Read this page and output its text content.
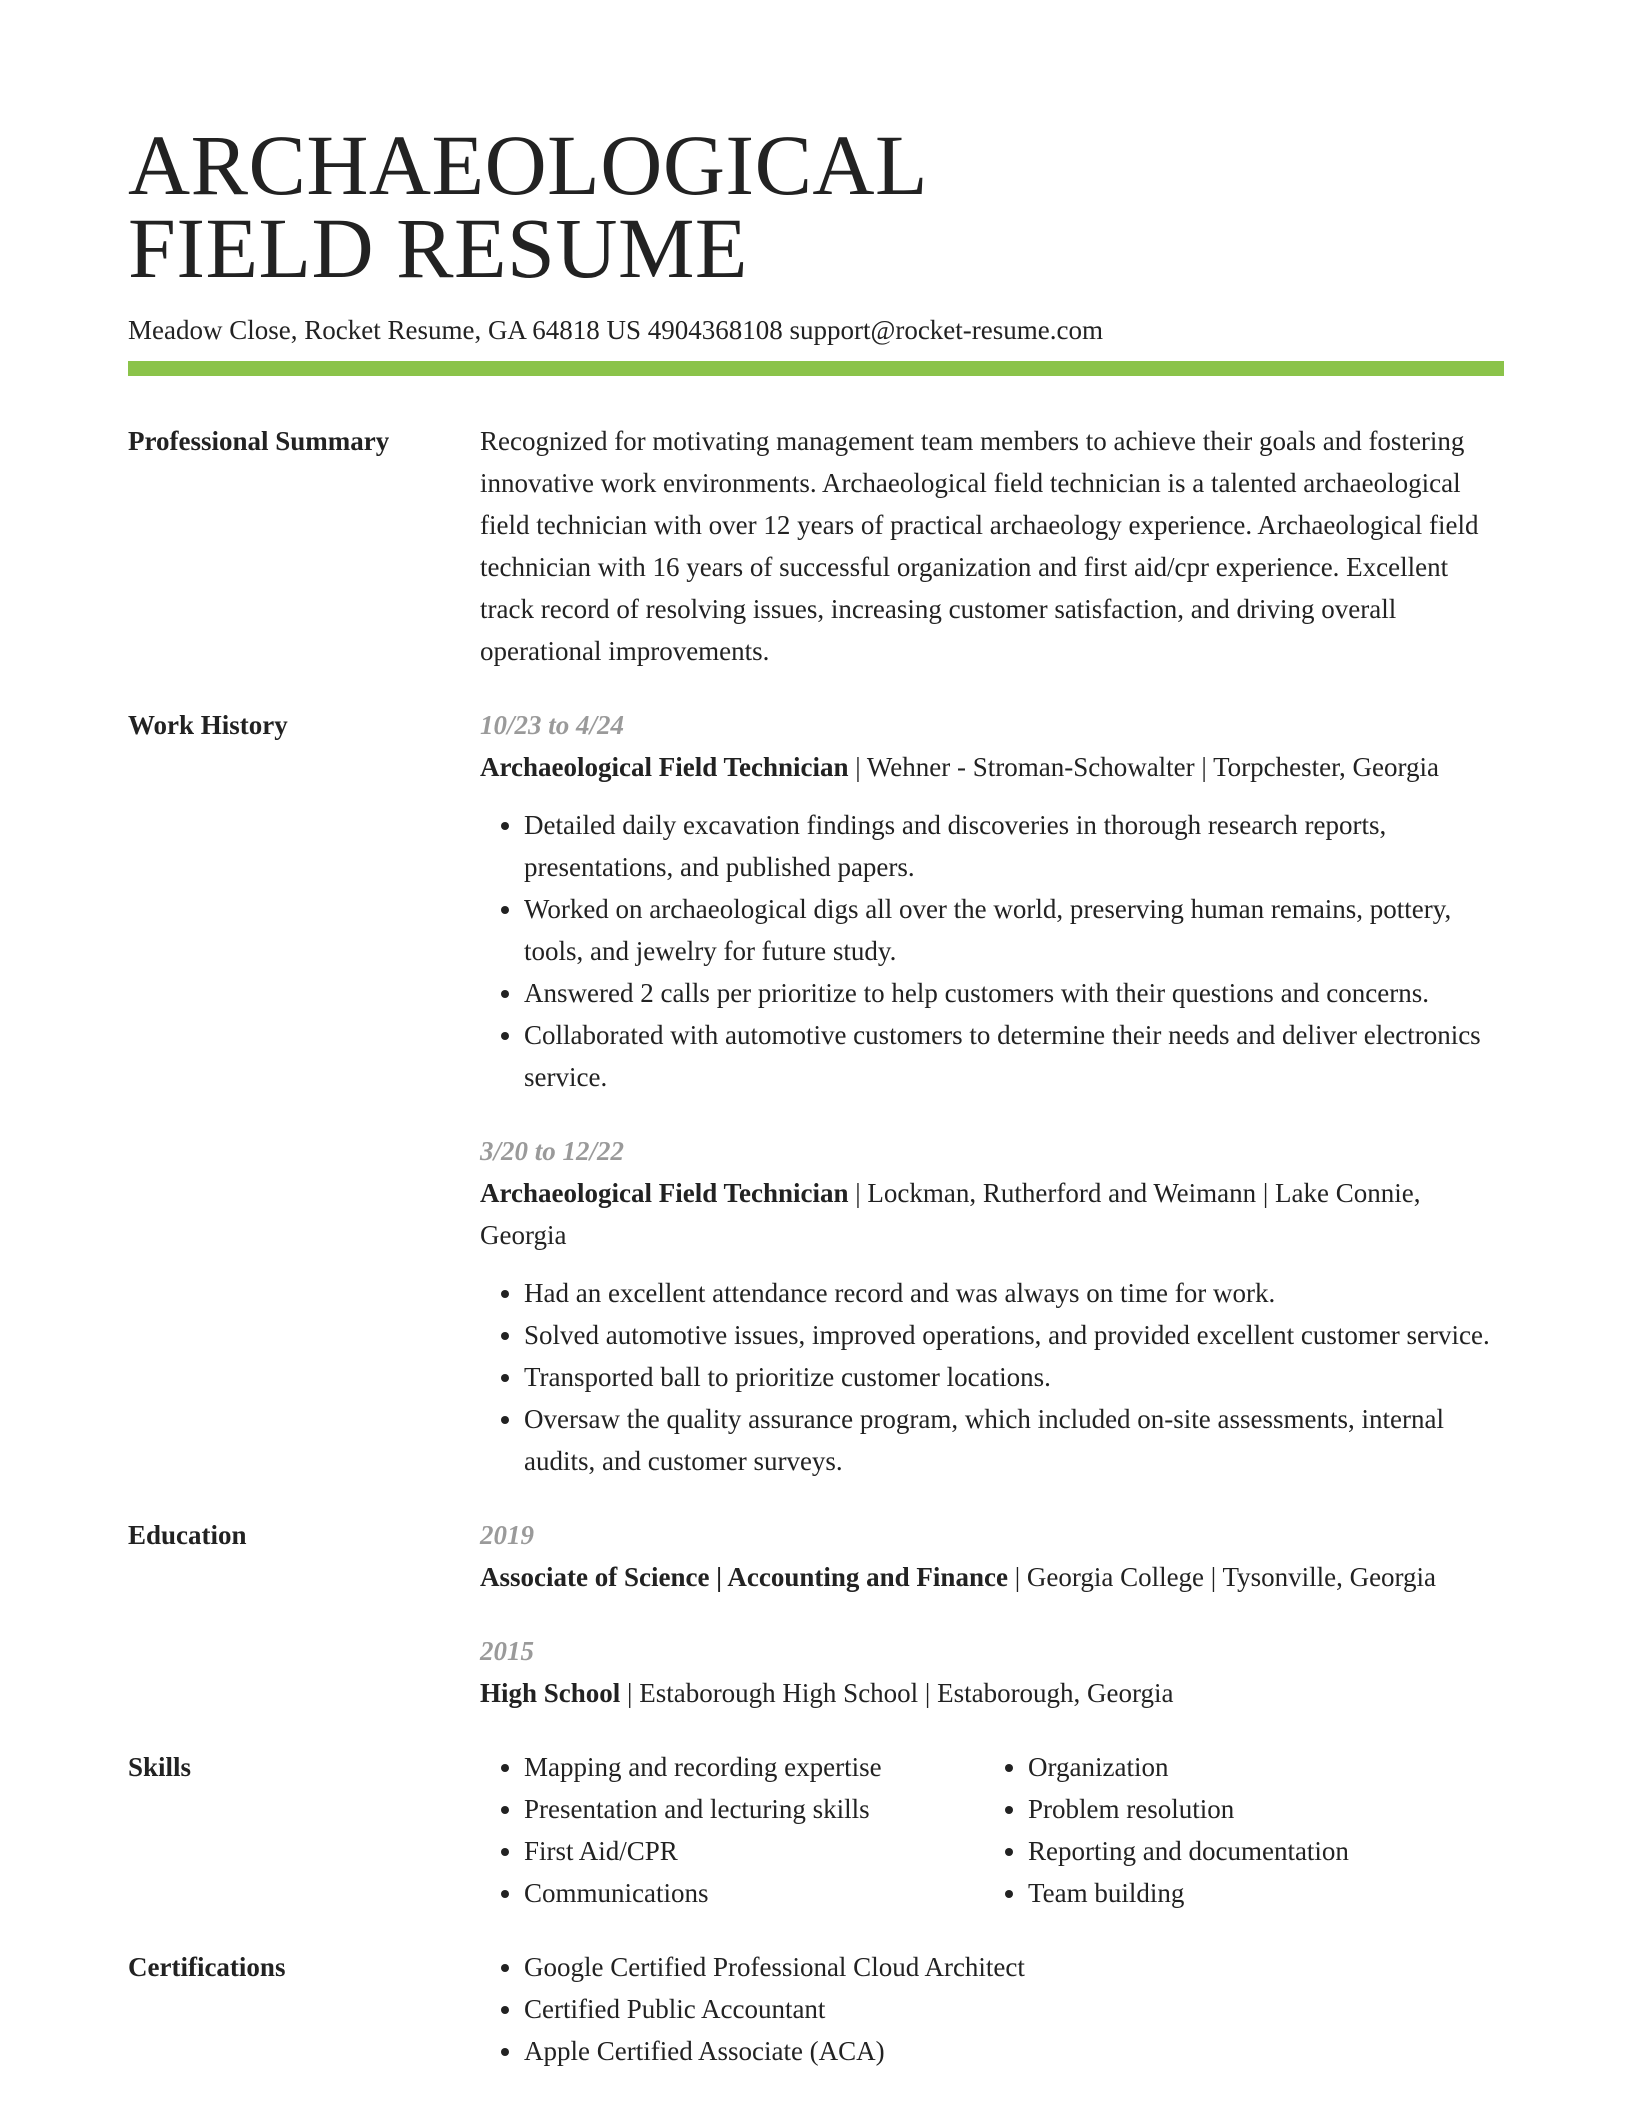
ARCHAEOLOGICAL
FIELD RESUME
Meadow Close, Rocket Resume, GA 64818 US 4904368108 support@rocket-resume.com
Professional Summary	Recognized for motivating management team members to achieve their goals and fostering innovative work environments. Archaeological field technician is a talented archaeological field technician with over 12 years of practical archaeology experience. Archaeological field technician with 16 years of successful organization and first aid/cpr experience. Excellent track record of resolving issues, increasing customer satisfaction, and driving overall operational improvements.
Work History	10/23 to 4/24
Archaeological Field Technician | Wehner - Stroman-Schowalter | Torpchester, Georgia
• Detailed daily excavation findings and discoveries in thorough research reports, presentations, and published papers.
• Worked on archaeological digs all over the world, preserving human remains, pottery, tools, and jewelry for future study.
• Answered 2 calls per prioritize to help customers with their questions and concerns.
• Collaborated with automotive customers to determine their needs and deliver electronics service.
3/20 to 12/22
Archaeological Field Technician | Lockman, Rutherford and Weimann | Lake Connie, Georgia
• Had an excellent attendance record and was always on time for work.
• Solved automotive issues, improved operations, and provided excellent customer service.
• Transported ball to prioritize customer locations.
• Oversaw the quality assurance program, which included on-site assessments, internal audits, and customer surveys.
Education	2019
Associate of Science | Accounting and Finance | Georgia College | Tysonville, Georgia
2015
High School | Estaborough High School | Estaborough, Georgia
Skills	• Mapping and recording expertise
• Presentation and lecturing skills
• First Aid/CPR
• Communications
• Organization
• Problem resolution
• Reporting and documentation
• Team building
Certifications	• Google Certified Professional Cloud Architect
• Certified Public Accountant
• Apple Certified Associate (ACA)
